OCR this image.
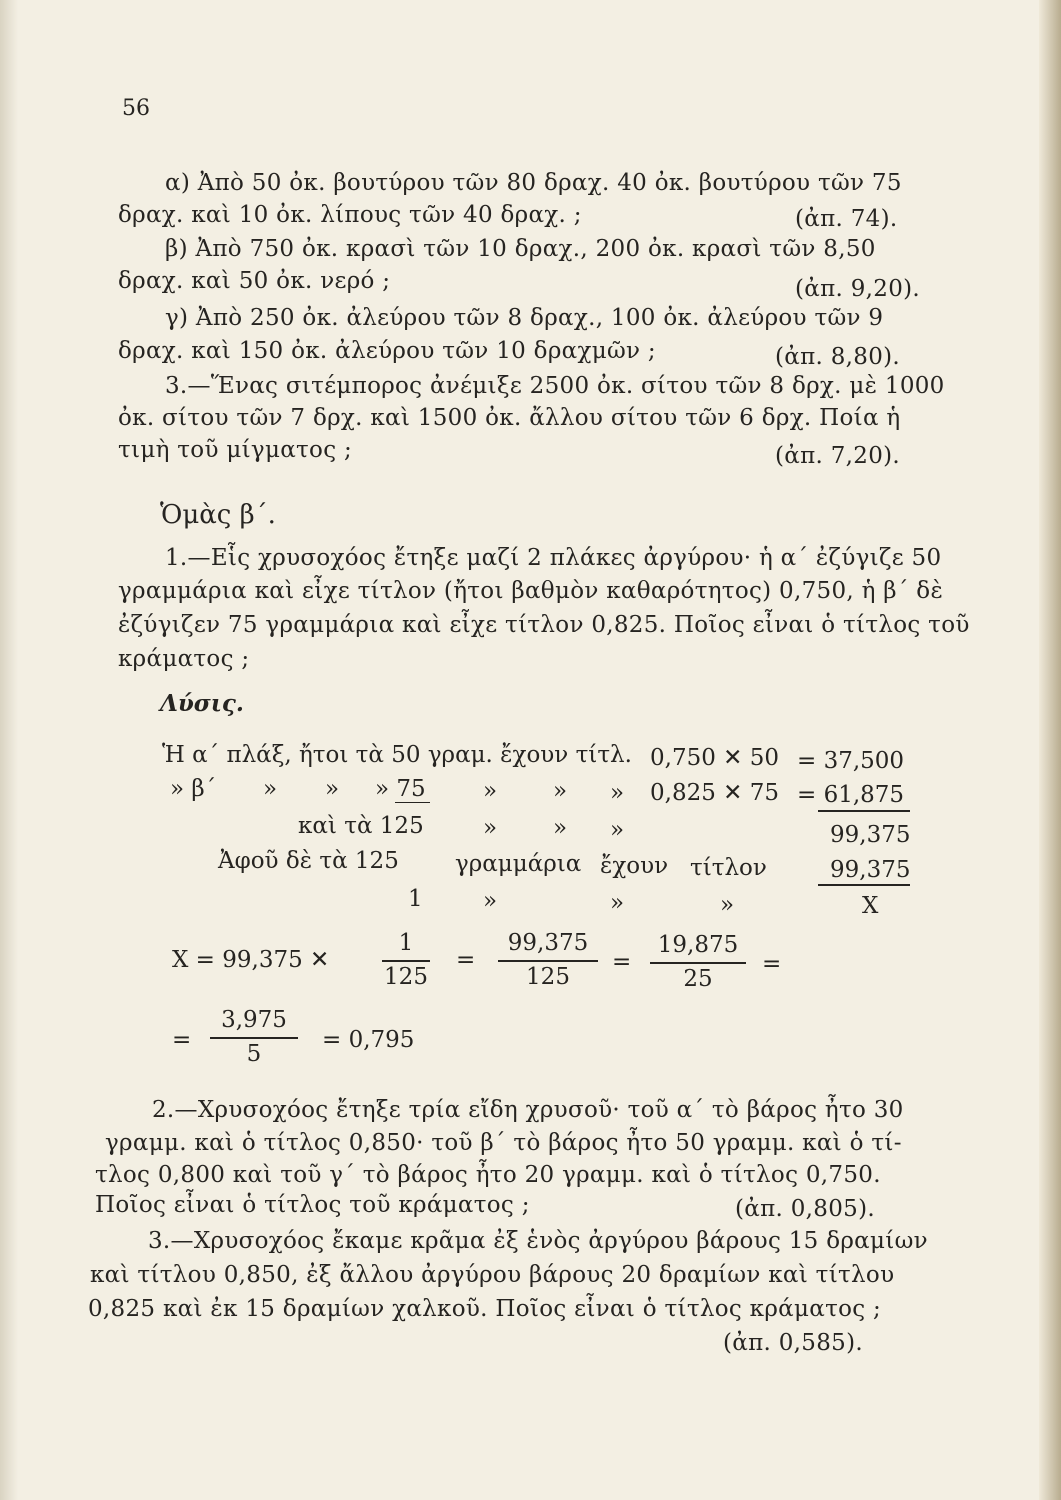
56
α) Ἀπὸ 50 ὀκ. βουτύρου τῶν 80 δραχ. 40 ὀκ. βουτύρου τῶν 75
δραχ. καὶ 10 ὀκ. λίπους τῶν 40 δραχ. ;	(ἀπ. 74).
β) Ἀπὸ 750 ὀκ. κρασὶ τῶν 10 δραχ., 200 ὀκ. κρασὶ τῶν 8,50
δραχ. καὶ 50 ὀκ. νερό ;	(ἀπ. 9,20).
γ) Ἀπὸ 250 ὀκ. ἀλεύρου τῶν 8 δραχ., 100 ὀκ. ἀλεύρου τῶν 9
δραχ. καὶ 150 ὀκ. ἀλεύρου τῶν 10 δραχμῶν ;	(ἀπ. 8,80).
3.—Ἕνας σιτέμπορος ἀνέμιξε 2500 ὀκ. σίτου τῶν 8 δρχ. μὲ 1000
ὀκ. σίτου τῶν 7 δρχ. καὶ 1500 ὀκ. ἄλλου σίτου τῶν 6 δρχ. Ποία ἡ
τιμὴ τοῦ μίγματος ;	(ἀπ. 7,20).
Ὁμὰς β΄.
1.—Εἷς χρυσοχόος ἔτηξε μαζί 2 πλάκες ἀργύρου· ἡ α΄ ἐζύγιζε 50
γραμμάρια καὶ εἶχε τίτλον (ἤτοι βαθμὸν καθαρότητος) 0,750, ἡ β΄ δὲ
ἐζύγιζεν 75 γραμμάρια καὶ εἶχε τίτλον 0,825. Ποῖος εἶναι ὁ τίτλος τοῦ
κράματος ;
Λύσις.
Ἡ α΄ πλάξ, ἤτοι τὰ 50 γραμ. ἔχουν τίτλ. 0,750 ✕ 50 = 37,500
» β΄ » » » 75 » » » 0,825 ✕ 75 = 61,875
καὶ τὰ 125	» » »	99,375
Ἀφοῦ δὲ τὰ 125 γραμμάρια ἔχουν τίτλον	99,375
1	»	»	»	X
X = 99,375 ✕
1
125
=
99,375
125
=
19,875
25
=
=
3,975
5
= 0,795
2.—Χρυσοχόος ἔτηξε τρία εἴδη χρυσοῦ· τοῦ α΄ τὸ βάρος ἦτο 30
γραμμ. καὶ ὁ τίτλος 0,850· τοῦ β΄ τὸ βάρος ἦτο 50 γραμμ. καὶ ὁ τί-
τλος 0,800 καὶ τοῦ γ΄ τὸ βάρος ἦτο 20 γραμμ. καὶ ὁ τίτλος 0,750.
Ποῖος εἶναι ὁ τίτλος τοῦ κράματος ;	(ἀπ. 0,805).
3.—Χρυσοχόος ἔκαμε κρᾶμα ἐξ ἑνὸς ἀργύρου βάρους 15 δραμίων
καὶ τίτλου 0,850, ἐξ ἄλλου ἀργύρου βάρους 20 δραμίων καὶ τίτλου
0,825 καὶ ἐκ 15 δραμίων χαλκοῦ. Ποῖος εἶναι ὁ τίτλος κράματος ;
(ἀπ. 0,585).
